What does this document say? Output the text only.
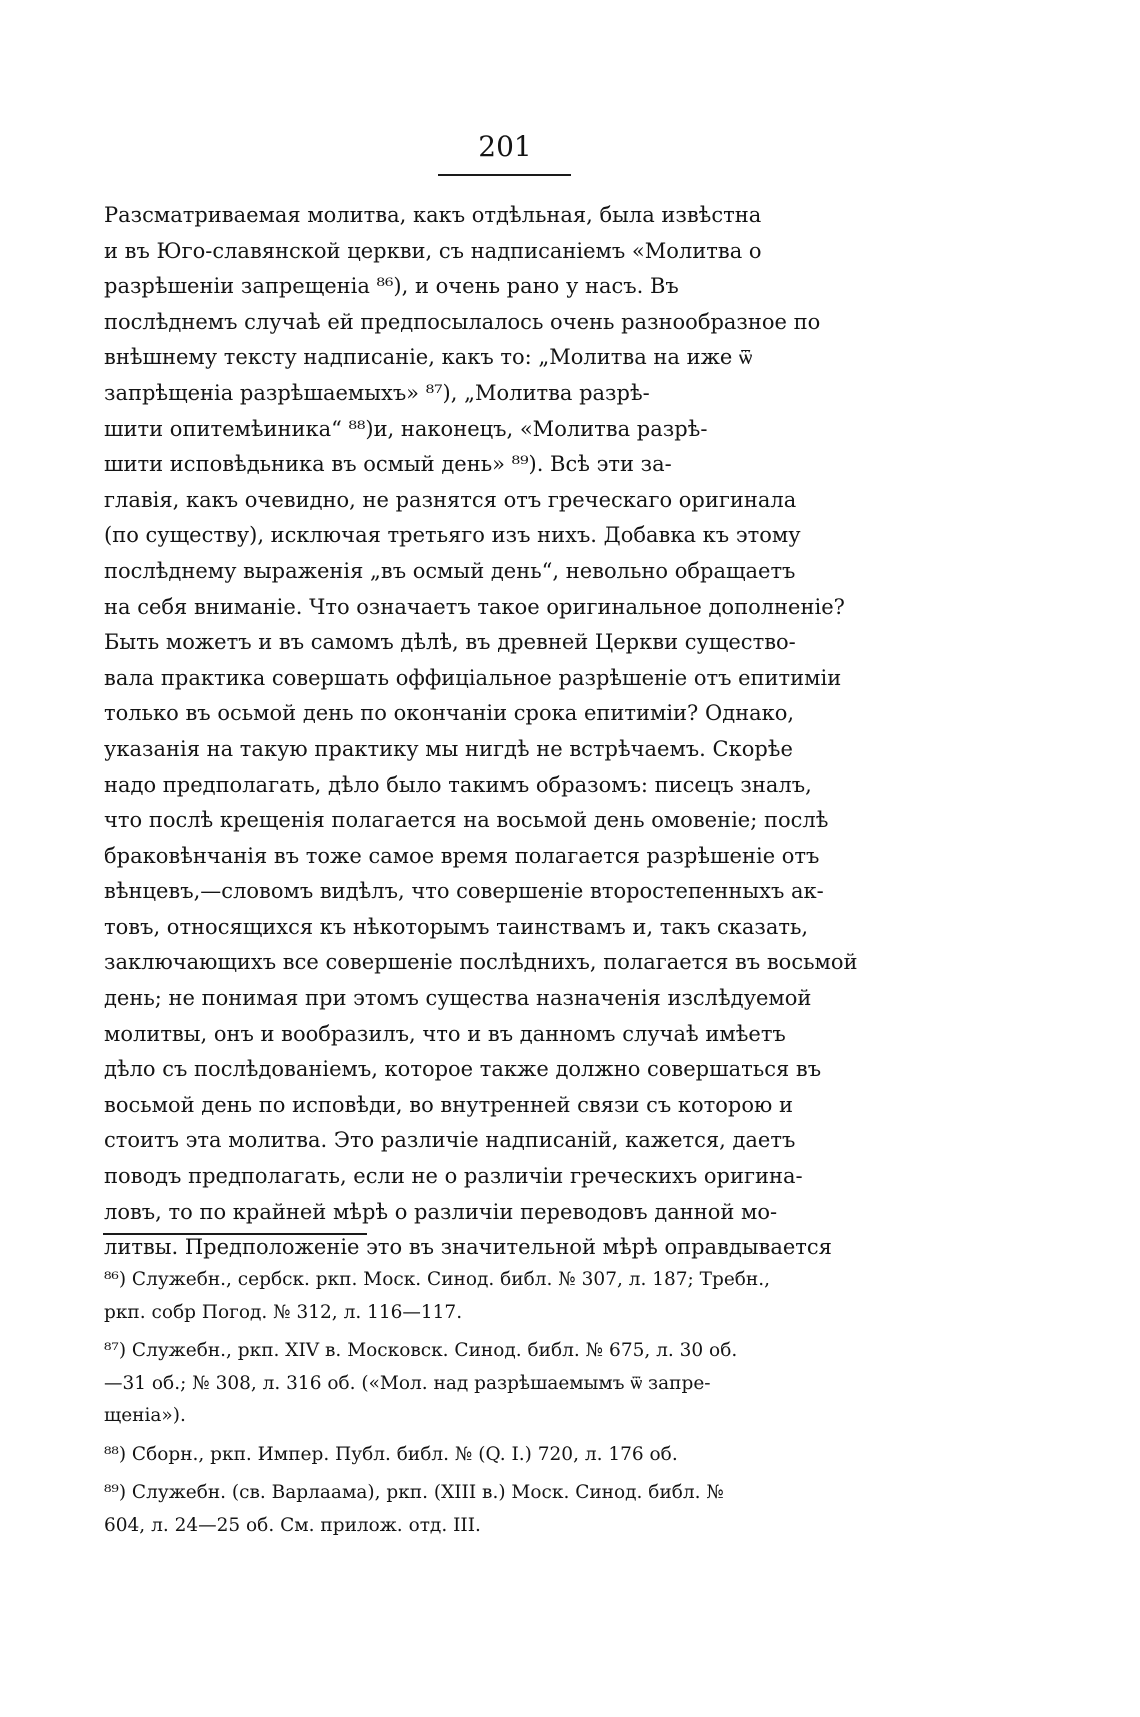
201
Разсматриваемая молитва, какъ отдѣльная, была извѣстна
и въ Юго-славянской церкви, съ надписаніемъ «Молитва о
разрѣшеніи запрещеніа ⁸⁶), и очень рано у насъ. Въ
послѣднемъ случаѣ ей предпосылалось очень разнообразное по
внѣшнему тексту надписаніе, какъ то: „Молитва на иже ѿ
запрѣщеніа разрѣшаемыхъ» ⁸⁷), „Молитва разрѣ-
шити опитемѣиника“ ⁸⁸)и, наконецъ, «Молитва разрѣ-
шити исповѣдьника въ осмый день» ⁸⁹). Всѣ эти за-
главія, какъ очевидно, не разнятся отъ греческаго оригинала
(по существу), исключая третьяго изъ нихъ. Добавка къ этому
послѣднему выраженія „въ осмый день“, невольно обращаетъ
на себя вниманіе. Что означаетъ такое оригинальное дополненіе?
Быть можетъ и въ самомъ дѣлѣ, въ древней Церкви существо-
вала практика совершать оффиціальное разрѣшеніе отъ епитиміи
только въ осьмой день по окончаніи срока епитиміи? Однако,
указанія на такую практику мы нигдѣ не встрѣчаемъ. Скорѣе
надо предполагать, дѣло было такимъ образомъ: писецъ зналъ,
что послѣ крещенія полагается на восьмой день омовеніе; послѣ
браковѣнчанія въ тоже самое время полагается разрѣшеніе отъ
вѣнцевъ,—словомъ видѣлъ, что совершеніе второстепенныхъ ак-
товъ, относящихся къ нѣкоторымъ таинствамъ и, такъ сказать,
заключающихъ все совершеніе послѣднихъ, полагается въ восьмой
день; не понимая при этомъ существа назначенія изслѣдуемой
молитвы, онъ и вообразилъ, что и въ данномъ случаѣ имѣетъ
дѣло съ послѣдованіемъ, которое также должно совершаться въ
восьмой день по исповѣди, во внутренней связи съ которою и
стоитъ эта молитва. Это различіе надписаній, кажется, даетъ
поводъ предполагать, если не о различіи греческихъ оригина-
ловъ, то по крайней мѣрѣ о различіи переводовъ данной мо-
литвы. Предположеніе это въ значительной мѣрѣ оправдывается
⁸⁶) Служебн., сербск. ркп. Моск. Синод. библ. № 307, л. 187; Требн.,
ркп. собр Погод. № 312, л. 116—117.
⁸⁷) Служебн., ркп. XIV в. Московск. Синод. библ. № 675, л. 30 об.
—31 об.; № 308, л. 316 об. («Мол. над разрѣшаемымъ ѿ запре-
щеніа»).
⁸⁸) Сборн., ркп. Импер. Публ. библ. № (Q. I.) 720, л. 176 об.
⁸⁹) Служебн. (св. Варлаама), ркп. (XIII в.) Моск. Синод. библ. №
604, л. 24—25 об. См. прилож. отд. III.
